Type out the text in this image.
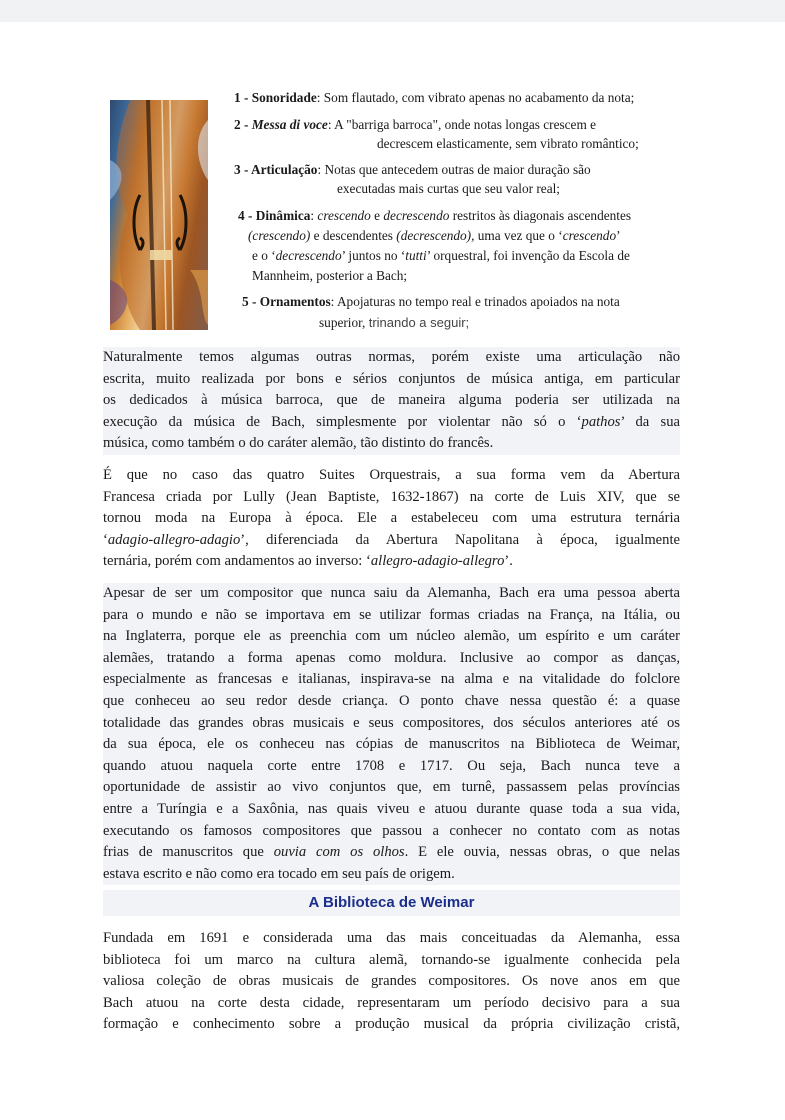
1 - Sonoridade: Som flautado, com vibrato apenas no acabamento da nota;
2 - Messa di voce: A "barriga barroca", onde notas longas crescem e
decrescem elasticamente, sem vibrato romântico;
3 - Articulação: Notas que antecedem outras de maior duração são
executadas mais curtas que seu valor real;
4 - Dinâmica: crescendo e decrescendo restritos às diagonais ascendentes
(crescendo) e descendentes (decrescendo), uma vez que o ‘crescendo’
e o ‘decrescendo’ juntos no ‘tutti’ orquestral, foi invenção da Escola de
Mannheim, posterior a Bach;
5 - Ornamentos: Apojaturas no tempo real e trinados apoiados na nota
superior, trinando a seguir;
Naturalmente temos algumas outras normas, porém existe uma articulação não
escrita, muito realizada por bons e sérios conjuntos de música antiga, em particular
os dedicados à música barroca, que de maneira alguma poderia ser utilizada na
execução da música de Bach, simplesmente por violentar não só o ‘pathos’ da sua
música, como também o do caráter alemão, tão distinto do francês.
É que no caso das quatro Suites Orquestrais, a sua forma vem da Abertura
Francesa criada por Lully (Jean Baptiste, 1632-1867) na corte de Luis XIV, que se
tornou moda na Europa à época. Ele a estabeleceu com uma estrutura ternária
‘adagio-allegro-adagio’, diferenciada da Abertura Napolitana à época, igualmente
ternária, porém com andamentos ao inverso: ‘allegro-adagio-allegro’.
Apesar de ser um compositor que nunca saiu da Alemanha, Bach era uma pessoa aberta
para o mundo e não se importava em se utilizar formas criadas na França, na Itália, ou
na Inglaterra, porque ele as preenchia com um núcleo alemão, um espírito e um caráter
alemães, tratando a forma apenas como moldura. Inclusive ao compor as danças,
especialmente as francesas e italianas, inspirava-se na alma e na vitalidade do folclore
que conheceu ao seu redor desde criança. O ponto chave nessa questão é: a quase
totalidade das grandes obras musicais e seus compositores, dos séculos anteriores até os
da sua época, ele os conheceu nas cópias de manuscritos na Biblioteca de Weimar,
quando atuou naquela corte entre 1708 e 1717. Ou seja, Bach nunca teve a
oportunidade de assistir ao vivo conjuntos que, em turnê, passassem pelas províncias
entre a Turíngia e a Saxônia, nas quais viveu e atuou durante quase toda a sua vida,
executando os famosos compositores que passou a conhecer no contato com as notas
frias de manuscritos que ouvia com os olhos. E ele ouvia, nessas obras, o que nelas
estava escrito e não como era tocado em seu país de origem.
A Biblioteca de Weimar
Fundada em 1691 e considerada uma das mais conceituadas da Alemanha, essa
biblioteca foi um marco na cultura alemã, tornando-se igualmente conhecida pela
valiosa coleção de obras musicais de grandes compositores. Os nove anos em que
Bach atuou na corte desta cidade, representaram um período decisivo para a sua
formação e conhecimento sobre a produção musical da própria civilização cristã,
